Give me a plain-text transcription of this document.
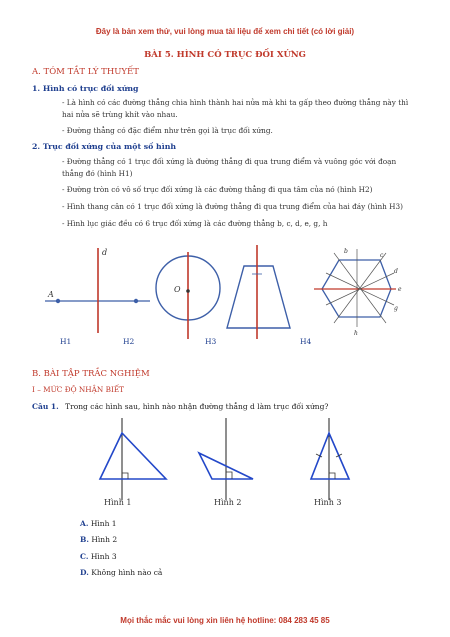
Đây là bản xem thử, vui lòng mua tài liệu để xem chi tiết (có lời giải)
BÀI 5. HÌNH CÓ TRỤC ĐỐI XỨNG
A. TÓM TẮT LÝ THUYẾT
1. Hình có trục đối xứng
- Là hình có các đường thẳng chia hình thành hai nửa mà khi ta gấp theo đường thẳng này thì
hai nửa sẽ trùng khít vào nhau.
- Đường thẳng có đặc điểm như trên gọi là trục đối xứng.
2. Trục đối xứng của một số hình
- Đường thẳng có 1 trục đối xứng là đường thẳng đi qua trung điểm và vuông góc với đoạn
thẳng đó (hình H1)
- Đường tròn có vô số trục đối xứng là các đường thẳng đi qua tâm của nó (hình H2)
- Hình thang cân có 1 trục đối xứng là đường thẳng đi qua trung điểm của hai đáy (hình H3)
- Hình lục giác đều có 6 trục đối xứng là các đường thẳng b, c, d, e, g, h
d
A
O
b
c
d
e
g
h
H1	H2	H3	H4
B. BÀI TẬP TRẮC NGHIỆM
I – MỨC ĐỘ NHẬN BIẾT
Câu 1. Trong các hình sau, hình nào nhận đường thẳng d làm trục đối xứng?
Hình 1	Hình 2	Hình 3
A. Hình 1
B. Hình 2
C. Hình 3
D. Không hình nào cả
Mọi thắc mắc vui lòng xin liên hệ hotline: 084 283 45 85
